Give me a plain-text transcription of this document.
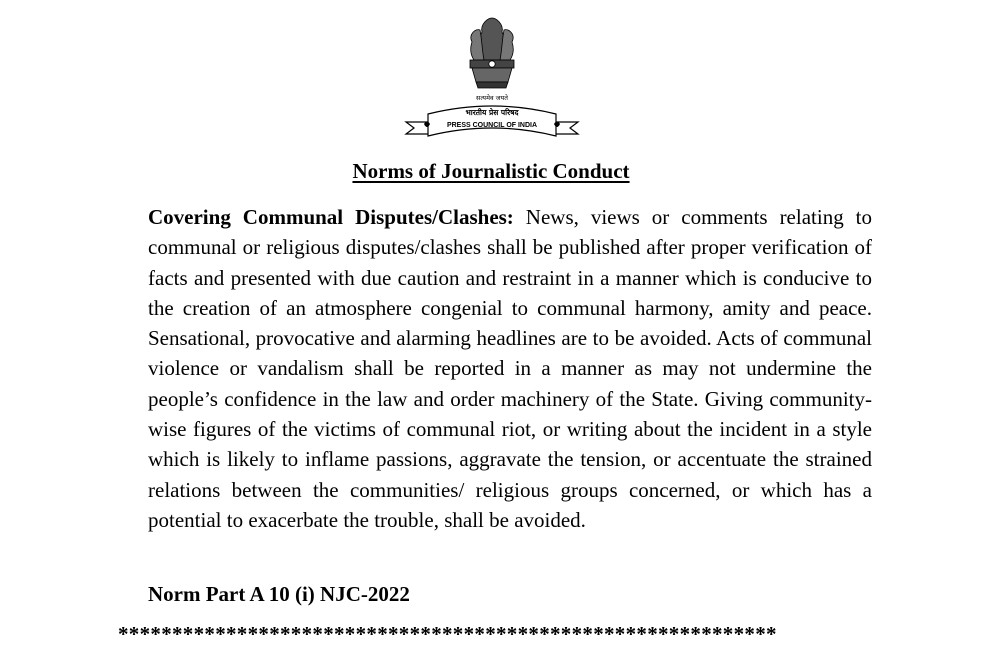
सत्यमेव जयते
भारतीय प्रेस परिषद
PRESS COUNCIL OF INDIA
Norms of Journalistic Conduct

Covering Communal Disputes/Clashes: News, views or comments relating to communal or religious disputes/clashes shall be published after proper verification of facts and presented with due caution and restraint in a manner which is conducive to the creation of an atmosphere congenial to communal harmony, amity and peace. Sensational, provocative and alarming headlines are to be avoided. Acts of communal violence or vandalism shall be reported in a manner as may not undermine the people’s confidence in the law and order machinery of the State. Giving community-wise figures of the victims of communal riot, or writing about the incident in a style which is likely to inflame passions, aggravate the tension, or accentuate the strained relations between the communities/ religious groups concerned, or which has a potential to exacerbate the trouble, shall be avoided.

Norm Part A 10 (i) NJC-2022
*************************************************************
